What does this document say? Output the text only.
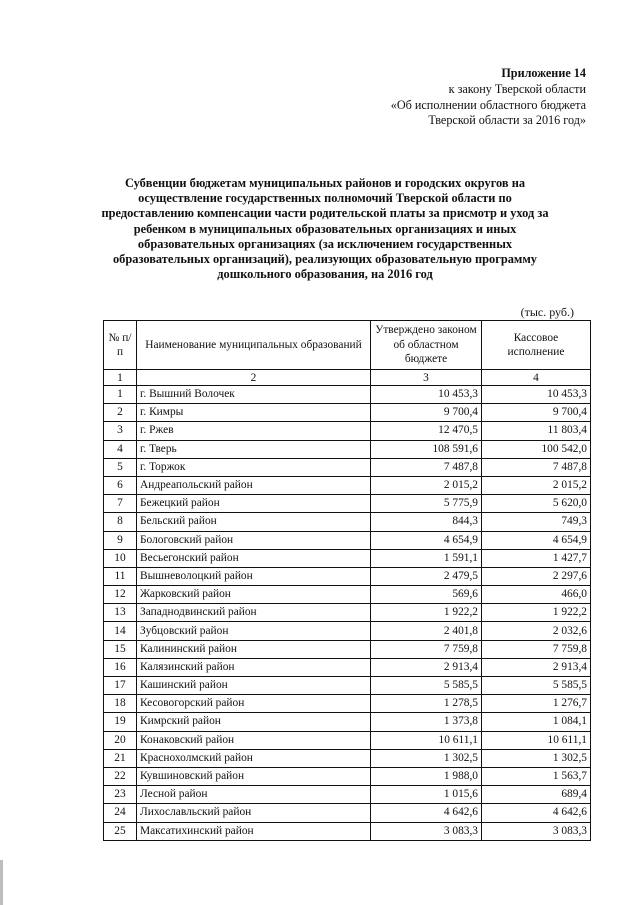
Приложение 14
к закону Тверской области
«Об исполнении областного бюджета
Тверской области за 2016 год»
Субвенции бюджетам муниципальных районов и городских округов на
осуществление государственных полномочий Тверской области по
предоставлению компенсации части родительской платы за присмотр и уход за
ребенком в муниципальных образовательных организациях и иных
образовательных организациях (за исключением государственных
образовательных организаций), реализующих образовательную программу
дошкольного образования, на 2016 год
(тыс. руб.)
№ п/п	Наименование муниципальных образований	Утверждено законом об областном бюджете	Кассовое исполнение
1	2	3	4
1	г. Вышний Волочек	10 453,3	10 453,3
2	г. Кимры	9 700,4	9 700,4
3	г. Ржев	12 470,5	11 803,4
4	г. Тверь	108 591,6	100 542,0
5	г. Торжок	7 487,8	7 487,8
6	Андреапольский район	2 015,2	2 015,2
7	Бежецкий район	5 775,9	5 620,0
8	Бельский район	844,3	749,3
9	Бологовский район	4 654,9	4 654,9
10	Весьегонский район	1 591,1	1 427,7
11	Вышневолоцкий район	2 479,5	2 297,6
12	Жарковский район	569,6	466,0
13	Западнодвинский район	1 922,2	1 922,2
14	Зубцовский район	2 401,8	2 032,6
15	Калининский район	7 759,8	7 759,8
16	Калязинский район	2 913,4	2 913,4
17	Кашинский район	5 585,5	5 585,5
18	Кесовогорский район	1 278,5	1 276,7
19	Кимрский район	1 373,8	1 084,1
20	Конаковский район	10 611,1	10 611,1
21	Краснохолмский район	1 302,5	1 302,5
22	Кувшиновский район	1 988,0	1 563,7
23	Лесной район	1 015,6	689,4
24	Лихославльский район	4 642,6	4 642,6
25	Максатихинский район	3 083,3	3 083,3
